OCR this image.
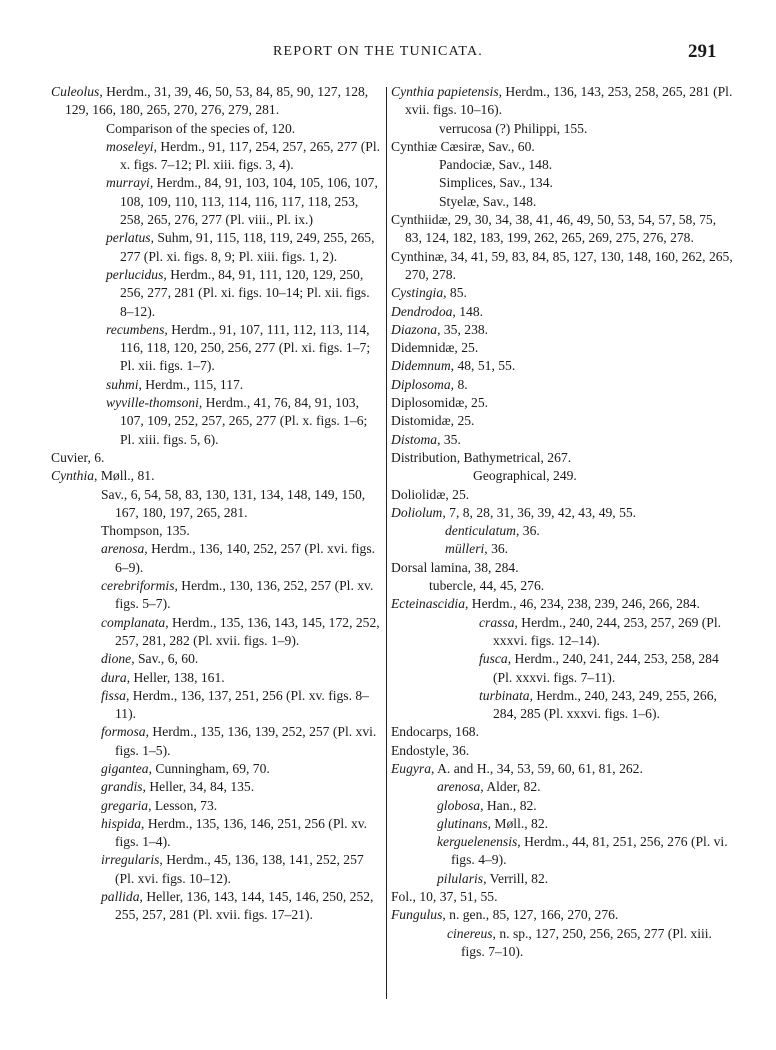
REPORT ON THE TUNICATA.	291
Culeolus, Herdm., 31, 39, 46, 50, 53, 84, 85, 90, 127, 128, 129, 166, 180, 265, 270, 276, 279, 281.
Comparison of the species of, 120.
moseleyi, Herdm., 91, 117, 254, 257, 265, 277 (Pl. x. figs. 7–12; Pl. xiii. figs. 3, 4).
murrayi, Herdm., 84, 91, 103, 104, 105, 106, 107, 108, 109, 110, 113, 114, 116, 117, 118, 253, 258, 265, 276, 277 (Pl. viii., Pl. ix.)
perlatus, Suhm, 91, 115, 118, 119, 249, 255, 265, 277 (Pl. xi. figs. 8, 9; Pl. xiii. figs. 1, 2).
perlucidus, Herdm., 84, 91, 111, 120, 129, 250, 256, 277, 281 (Pl. xi. figs. 10–14; Pl. xii. figs. 8–12).
recumbens, Herdm., 91, 107, 111, 112, 113, 114, 116, 118, 120, 250, 256, 277 (Pl. xi. figs. 1–7; Pl. xii. figs. 1–7).
suhmi, Herdm., 115, 117.
wyville-thomsoni, Herdm., 41, 76, 84, 91, 103, 107, 109, 252, 257, 265, 277 (Pl. x. figs. 1–6; Pl. xiii. figs. 5, 6).
Cuvier, 6.
Cynthia, Møll., 81.
Sav., 6, 54, 58, 83, 130, 131, 134, 148, 149, 150, 167, 180, 197, 265, 281.
Thompson, 135.
arenosa, Herdm., 136, 140, 252, 257 (Pl. xvi. figs. 6–9).
cerebriformis, Herdm., 130, 136, 252, 257 (Pl. xv. figs. 5–7).
complanata, Herdm., 135, 136, 143, 145, 172, 252, 257, 281, 282 (Pl. xvii. figs. 1–9).
dione, Sav., 6, 60.
dura, Heller, 138, 161.
fissa, Herdm., 136, 137, 251, 256 (Pl. xv. figs. 8–11).
formosa, Herdm., 135, 136, 139, 252, 257 (Pl. xvi. figs. 1–5).
gigantea, Cunningham, 69, 70.
grandis, Heller, 34, 84, 135.
gregaria, Lesson, 73.
hispida, Herdm., 135, 136, 146, 251, 256 (Pl. xv. figs. 1–4).
irregularis, Herdm., 45, 136, 138, 141, 252, 257 (Pl. xvi. figs. 10–12).
pallida, Heller, 136, 143, 144, 145, 146, 250, 252, 255, 257, 281 (Pl. xvii. figs. 17–21).
Cynthia papietensis, Herdm., 136, 143, 253, 258, 265, 281 (Pl. xvii. figs. 10–16).
verrucosa (?) Philippi, 155.
Cynthiæ Cæsiræ, Sav., 60.
Pandociæ, Sav., 148.
Simplices, Sav., 134.
Styelæ, Sav., 148.
Cynthiidæ, 29, 30, 34, 38, 41, 46, 49, 50, 53, 54, 57, 58, 75, 83, 124, 182, 183, 199, 262, 265, 269, 275, 276, 278.
Cynthinæ, 34, 41, 59, 83, 84, 85, 127, 130, 148, 160, 262, 265, 270, 278.
Cystingia, 85.
Dendrodoa, 148.
Diazona, 35, 238.
Didemnidæ, 25.
Didemnum, 48, 51, 55.
Diplosoma, 8.
Diplosomidæ, 25.
Distomidæ, 25.
Distoma, 35.
Distribution, Bathymetrical, 267.
Geographical, 249.
Doliolidæ, 25.
Doliolum, 7, 8, 28, 31, 36, 39, 42, 43, 49, 55.
denticulatum, 36.
mülleri, 36.
Dorsal lamina, 38, 284.
tubercle, 44, 45, 276.
Ecteinascidia, Herdm., 46, 234, 238, 239, 246, 266, 284.
crassa, Herdm., 240, 244, 253, 257, 269 (Pl. xxxvi. figs. 12–14).
fusca, Herdm., 240, 241, 244, 253, 258, 284 (Pl. xxxvi. figs. 7–11).
turbinata, Herdm., 240, 243, 249, 255, 266, 284, 285 (Pl. xxxvi. figs. 1–6).
Endocarps, 168.
Endostyle, 36.
Eugyra, A. and H., 34, 53, 59, 60, 61, 81, 262.
arenosa, Alder, 82.
globosa, Han., 82.
glutinans, Møll., 82.
kerguelenensis, Herdm., 44, 81, 251, 256, 276 (Pl. vi. figs. 4–9).
pilularis, Verrill, 82.
Fol., 10, 37, 51, 55.
Fungulus, n. gen., 85, 127, 166, 270, 276.
cinereus, n. sp., 127, 250, 256, 265, 277 (Pl. xiii. figs. 7–10).
